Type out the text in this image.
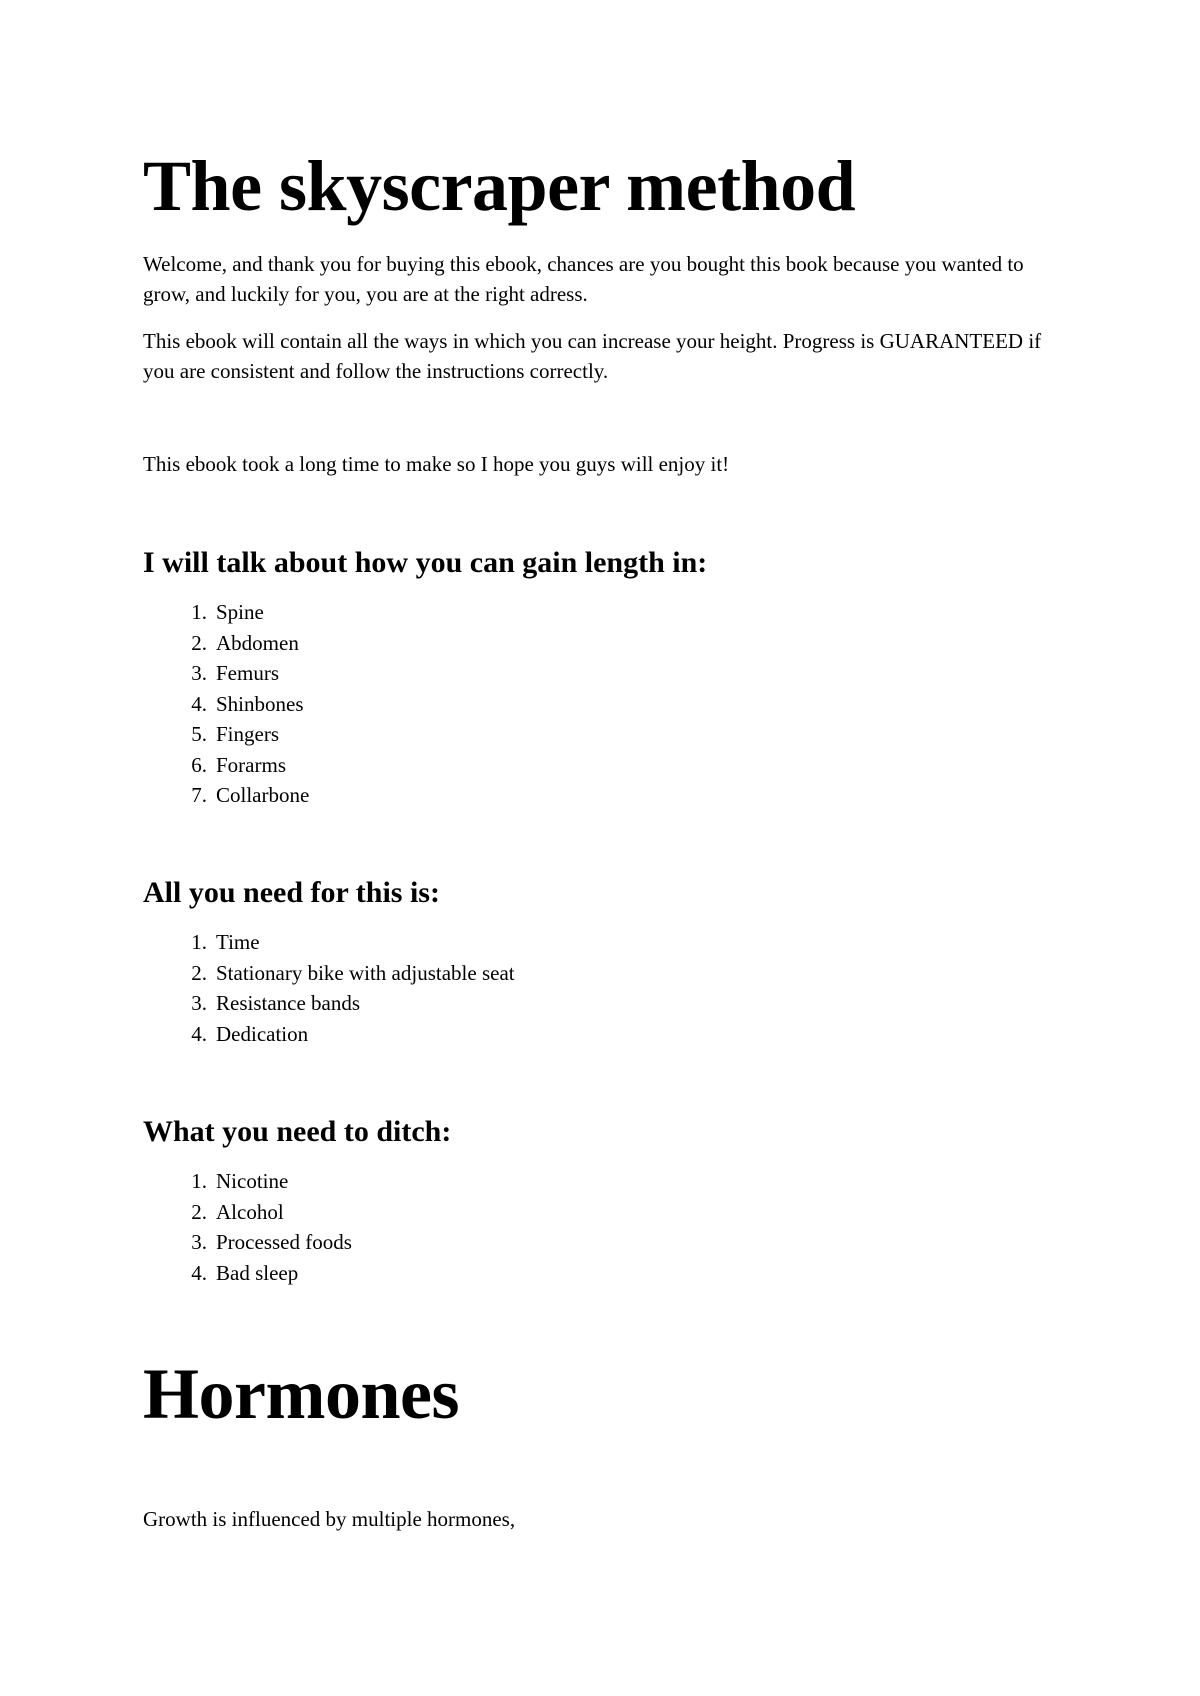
The skyscraper method

Welcome, and thank you for buying this ebook, chances are you bought this book because you wanted to grow, and luckily for you, you are at the right adress.

This ebook will contain all the ways in which you can increase your height. Progress is GUARANTEED if you are consistent and follow the instructions correctly.

This ebook took a long time to make so I hope you guys will enjoy it!

I will talk about how you can gain length in:
1. Spine
2. Abdomen
3. Femurs
4. Shinbones
5. Fingers
6. Forarms
7. Collarbone
All you need for this is:
1. Time
2. Stationary bike with adjustable seat
3. Resistance bands
4. Dedication
What you need to ditch:
1. Nicotine
2. Alcohol
3. Processed foods
4. Bad sleep
Hormones

Growth is influenced by multiple hormones,
